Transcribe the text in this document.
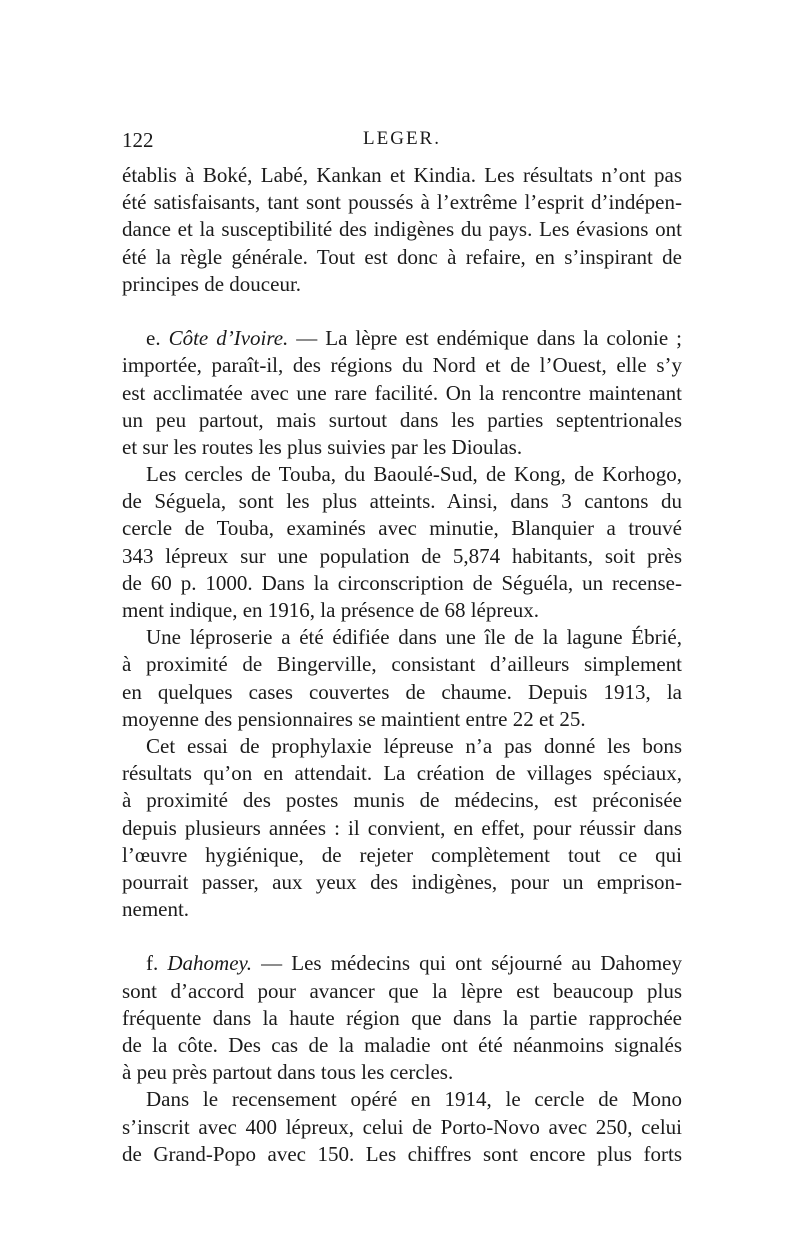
122	LEGER.
établis à Boké, Labé, Kankan et Kindia. Les résultats n’ont pas
été satisfaisants, tant sont poussés à l’extrême l’esprit d’indépen-
dance et la susceptibilité des indigènes du pays. Les évasions ont
été la règle générale. Tout est donc à refaire, en s’inspirant de
principes de douceur.
e. Côte d’Ivoire. — La lèpre est endémique dans la colonie ;
importée, paraît-il, des régions du Nord et de l’Ouest, elle s’y
est acclimatée avec une rare facilité. On la rencontre maintenant
un peu partout, mais surtout dans les parties septentrionales
et sur les routes les plus suivies par les Dioulas.
Les cercles de Touba, du Baoulé-Sud, de Kong, de Korhogo,
de Séguela, sont les plus atteints. Ainsi, dans 3 cantons du
cercle de Touba, examinés avec minutie, Blanquier a trouvé
343 lépreux sur une population de 5,874 habitants, soit près
de 60 p. 1000. Dans la circonscription de Séguéla, un recense-
ment indique, en 1916, la présence de 68 lépreux.
Une léproserie a été édifiée dans une île de la lagune Ébrié,
à proximité de Bingerville, consistant d’ailleurs simplement
en quelques cases couvertes de chaume. Depuis 1913, la
moyenne des pensionnaires se maintient entre 22 et 25.
Cet essai de prophylaxie lépreuse n’a pas donné les bons
résultats qu’on en attendait. La création de villages spéciaux,
à proximité des postes munis de médecins, est préconisée
depuis plusieurs années : il convient, en effet, pour réussir dans
l’œuvre hygiénique, de rejeter complètement tout ce qui
pourrait passer, aux yeux des indigènes, pour un emprison-
nement.
f. Dahomey. — Les médecins qui ont séjourné au Dahomey
sont d’accord pour avancer que la lèpre est beaucoup plus
fréquente dans la haute région que dans la partie rapprochée
de la côte. Des cas de la maladie ont été néanmoins signalés
à peu près partout dans tous les cercles.
Dans le recensement opéré en 1914, le cercle de Mono
s’inscrit avec 400 lépreux, celui de Porto-Novo avec 250, celui
de Grand-Popo avec 150. Les chiffres sont encore plus forts
